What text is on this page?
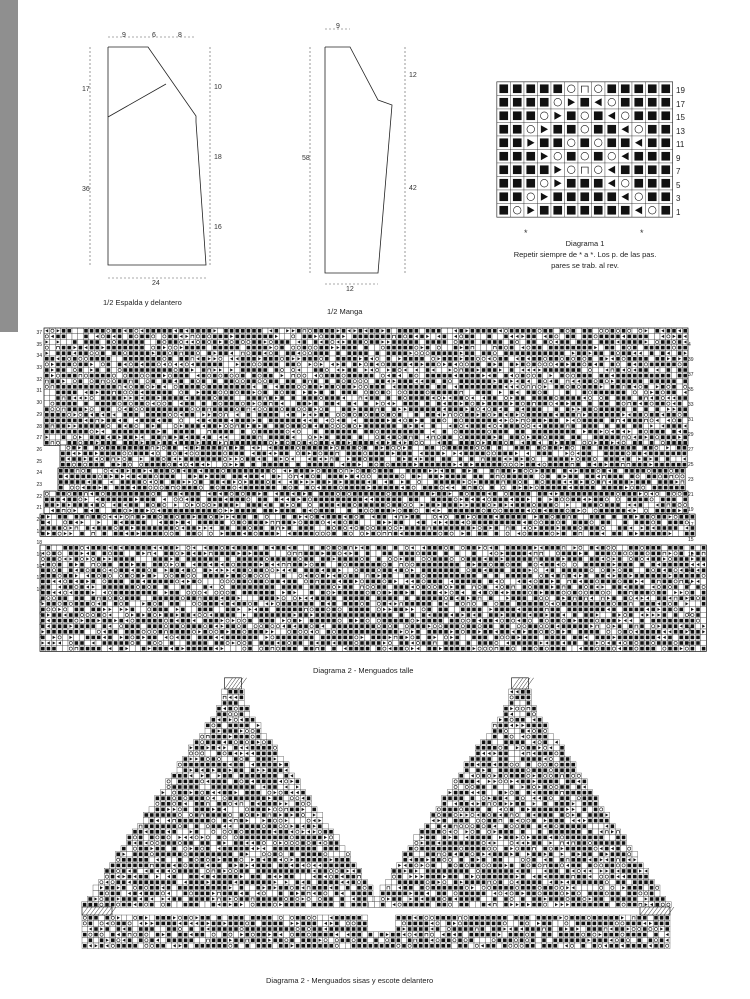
9	6	8
17
36
10
18
16
24
1/2 Espalda y delantero
9
58
12
42
12
1/2 Manga
19
17
15
13
11
9
7
5
3
1
*	*
Diagrama 1
Repetir siempre de * a *. Los p. de las pas.
pares se trab. al rev.
37
35
34
33
32
31
30
29
28
27
26
25
24
23
22
21
20
19
18
16
14
12
10
8
6
4
2
4
39
37
35
33
31
29
27
25
23
21
19
17
15
13
11
9
7
5
3
1
Diagrama 2 - Menguados talle
Diagrama 2 - Menguados sisas y escote delantero
